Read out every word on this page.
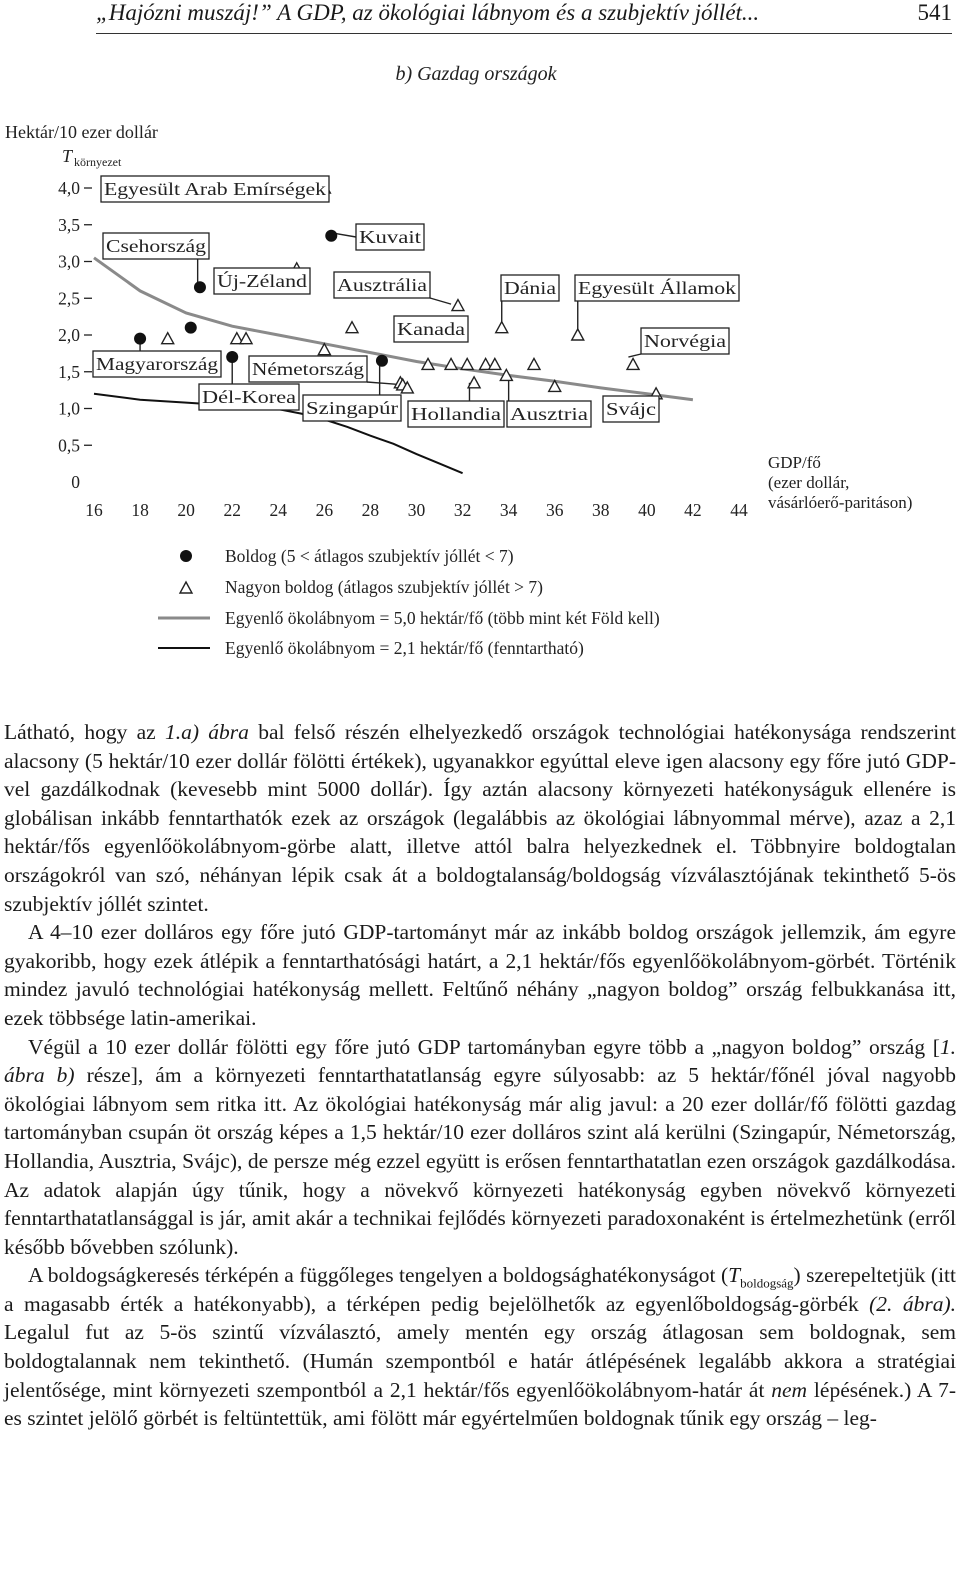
„Hajózni muszáj!” A GDP, az ökológiai lábnyom és a szubjektív jóllét...	541
b) Gazdag országok
Hektár/10 ezer dollár
T környezet
0
0,5
1,0
1,5
2,0
2,5
3,0
3,5
4,0
16 18 20 22 24 26 28 30 32 34 36 38 40 42 44
GDP/fő
(ezer dollár,
vásárlóerő-paritáson)
Egyesült Arab Emírségek
Csehország	Kuvait
Új-Zéland	Ausztrália	Dánia Egyesült Államok
Kanada
Norvégia
Magyarország Németország
Dél-Korea
Szingapúr Hollandia Ausztria Svájc
Boldog (5 < átlagos szubjektív jóllét < 7)
Nagyon boldog (átlagos szubjektív jóllét > 7)
Egyenlő ökolábnyom = 5,0 hektár/fő (több mint két Föld kell)
Egyenlő ökolábnyom = 2,1 hektár/fő (fenntartható)

Látható, hogy az 1.a) ábra bal felső részén elhelyezkedő országok technológiai hatékonysága rendszerint alacsony (5 hektár/10 ezer dollár fölötti értékek), ugyanakkor egyúttal eleve igen alacsony egy főre jutó GDP-vel gazdálkodnak (kevesebb mint 5000 dollár). Így aztán alacsony környezeti hatékonyságuk ellenére is globálisan inkább fenntarthatók ezek az országok (legalábbis az ökológiai lábnyommal mérve), azaz a 2,1 hektár/fős egyenlőökolábnyom-görbe alatt, illetve attól balra helyezkednek el. Többnyire boldogtalan országokról van szó, néhányan lépik csak át a boldogtalanság/boldogság vízválasztójának tekinthető 5-ös szubjektív jóllét szintet.

A 4–10 ezer dolláros egy főre jutó GDP-tartományt már az inkább boldog országok jellemzik, ám egyre gyakoribb, hogy ezek átlépik a fenntarthatósági határt, a 2,1 hektár/fős egyenlőökolábnyom-görbét. Történik mindez javuló technológiai hatékonyság mellett. Feltűnő néhány „nagyon boldog” ország felbukkanása itt, ezek többsége latin-amerikai.

Végül a 10 ezer dollár fölötti egy főre jutó GDP tartományban egyre több a „nagyon boldog” ország [1. ábra b) része], ám a környezeti fenntarthatatlanság egyre súlyosabb: az 5 hektár/főnél jóval nagyobb ökológiai lábnyom sem ritka itt. Az ökológiai hatékonyság már alig javul: a 20 ezer dollár/fő fölötti gazdag tartományban csupán öt ország képes a 1,5 hektár/10 ezer dolláros szint alá kerülni (Szingapúr, Németország, Hollandia, Ausztria, Svájc), de persze még ezzel együtt is erősen fenntarthatatlan ezen országok gazdálkodása. Az adatok alapján úgy tűnik, hogy a növekvő környezeti hatékonyság egyben növekvő környezeti fenntarthatatlansággal is jár, amit akár a technikai fejlődés környezeti paradoxonaként is értelmezhetünk (erről később bővebben szólunk).

A boldogságkeresés térképén a függőleges tengelyen a boldogsághatékonyságot $(T_{boldogság})$ szerepeltetjük (itt a magasabb érték a hatékonyabb), a térképen pedig bejelölhetők az egyenlőboldogság-görbék (2. ábra). Legalul fut az 5-ös szintű vízválasztó, amely mentén egy ország átlagosan sem boldognak, sem boldogtalannak nem tekinthető. (Humán szempontból e határ átlépésének legalább akkora a stratégiai jelentősége, mint környezeti szempontból a 2,1 hektár/fős egyenlőökolábnyom-határ át nem lépésének.) A 7-es szintet jelölő görbét is feltüntettük, ami fölött már egyértelműen boldognak tűnik egy ország – leg-
